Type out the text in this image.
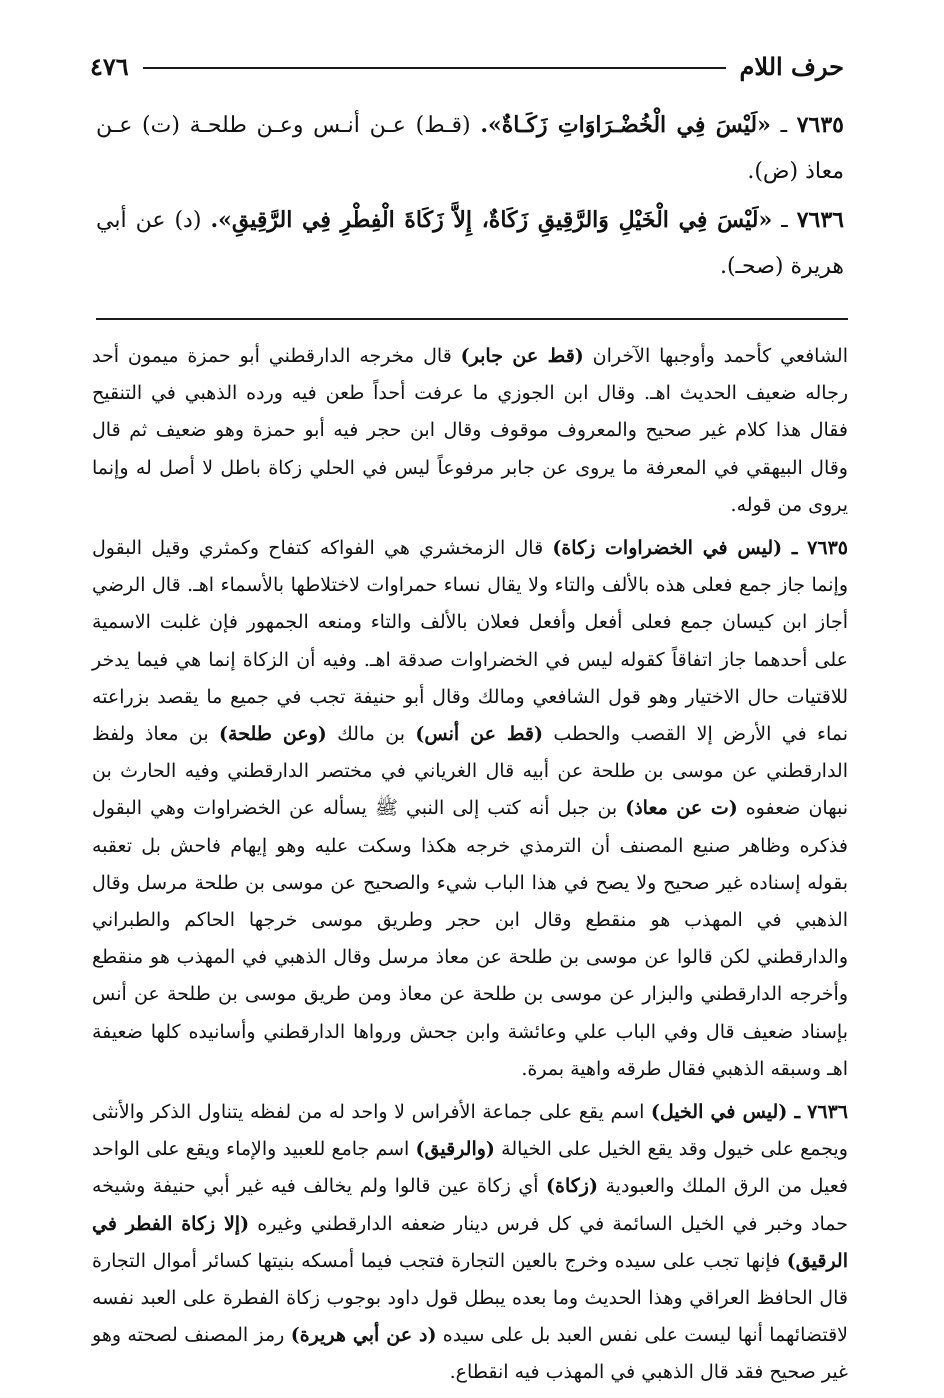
٤٧٦	حرف اللام

٧٦٣٥ ـ «لَيْسَ فِي الْخُضْـرَاوَاتِ زَكَـاةٌ». (قـط) عـن أنـس وعـن طلحـة (ت) عـن معاذ (ض).

٧٦٣٦ ـ «لَيْسَ فِي الْخَيْلِ وَالرَّقِيقِ زَكَاةٌ، إِلاَّ زَكَاةَ الْفِطْرِ فِي الرَّقِيقِ». (د) عن أبي هريرة (صحـ).

الشافعي كأحمد وأوجبها الآخران (قط عن جابر) قال مخرجه الدارقطني أبو حمزة ميمون أحد رجاله ضعيف الحديث اهـ. وقال ابن الجوزي ما عرفت أحداً طعن فيه ورده الذهبي في التنقيح فقال هذا كلام غير صحيح والمعروف موقوف وقال ابن حجر فيه أبو حمزة وهو ضعيف ثم قال وقال البيهقي في المعرفة ما يروى عن جابر مرفوعاً ليس في الحلي زكاة باطل لا أصل له وإنما يروى من قوله.

٧٦٣٥ ـ (ليس في الخضراوات زكاة) قال الزمخشري هي الفواكه كتفاح وكمثري وقيل البقول وإنما جاز جمع فعلى هذه بالألف والتاء ولا يقال نساء حمراوات لاختلاطها بالأسماء اهـ. قال الرضي أجاز ابن كيسان جمع فعلى أفعل وأفعل فعلان بالألف والتاء ومنعه الجمهور فإن غلبت الاسمية على أحدهما جاز اتفاقاً كقوله ليس في الخضراوات صدقة اهـ. وفيه أن الزكاة إنما هي فيما يدخر للاقتيات حال الاختيار وهو قول الشافعي ومالك وقال أبو حنيفة تجب في جميع ما يقصد بزراعته نماء في الأرض إلا القصب والحطب (قط عن أنس) بن مالك (وعن طلحة) بن معاذ ولفظ الدارقطني عن موسى بن طلحة عن أبيه قال الغرياني في مختصر الدارقطني وفيه الحارث بن نبهان ضعفوه (ت عن معاذ) بن جبل أنه كتب إلى النبي ﷺ يسأله عن الخضراوات وهي البقول فذكره وظاهر صنيع المصنف أن الترمذي خرجه هكذا وسكت عليه وهو إيهام فاحش بل تعقبه بقوله إسناده غير صحيح ولا يصح في هذا الباب شيء والصحيح عن موسى بن طلحة مرسل وقال الذهبي في المهذب هو منقطع وقال ابن حجر وطريق موسى خرجها الحاكم والطبراني والدارقطني لكن قالوا عن موسى بن طلحة عن معاذ مرسل وقال الذهبي في المهذب هو منقطع وأخرجه الدارقطني والبزار عن موسى بن طلحة عن معاذ ومن طريق موسى بن طلحة عن أنس بإسناد ضعيف قال وفي الباب علي وعائشة وابن جحش ورواها الدارقطني وأسانيده كلها ضعيفة اهـ وسبقه الذهبي فقال طرقه واهية بمرة.

٧٦٣٦ ـ (ليس في الخيل) اسم يقع على جماعة الأفراس لا واحد له من لفظه يتناول الذكر والأنثى ويجمع على خيول وقد يقع الخيل على الخيالة (والرقيق) اسم جامع للعبيد والإماء ويقع على الواحد فعيل من الرق الملك والعبودية (زكاة) أي زكاة عين قالوا ولم يخالف فيه غير أبي حنيفة وشيخه حماد وخبر في الخيل السائمة في كل فرس دينار ضعفه الدارقطني وغيره (إلا زكاة الفطر في الرقيق) فإنها تجب على سيده وخرج بالعين التجارة فتجب فيما أمسكه بنيتها كسائر أموال التجارة قال الحافظ العراقي وهذا الحديث وما بعده يبطل قول داود بوجوب زكاة الفطرة على العبد نفسه لاقتضائهما أنها ليست على نفس العبد بل على سيده (د عن أبي هريرة) رمز المصنف لصحته وهو غير صحيح فقد قال الذهبي في المهذب فيه انقطاع.
